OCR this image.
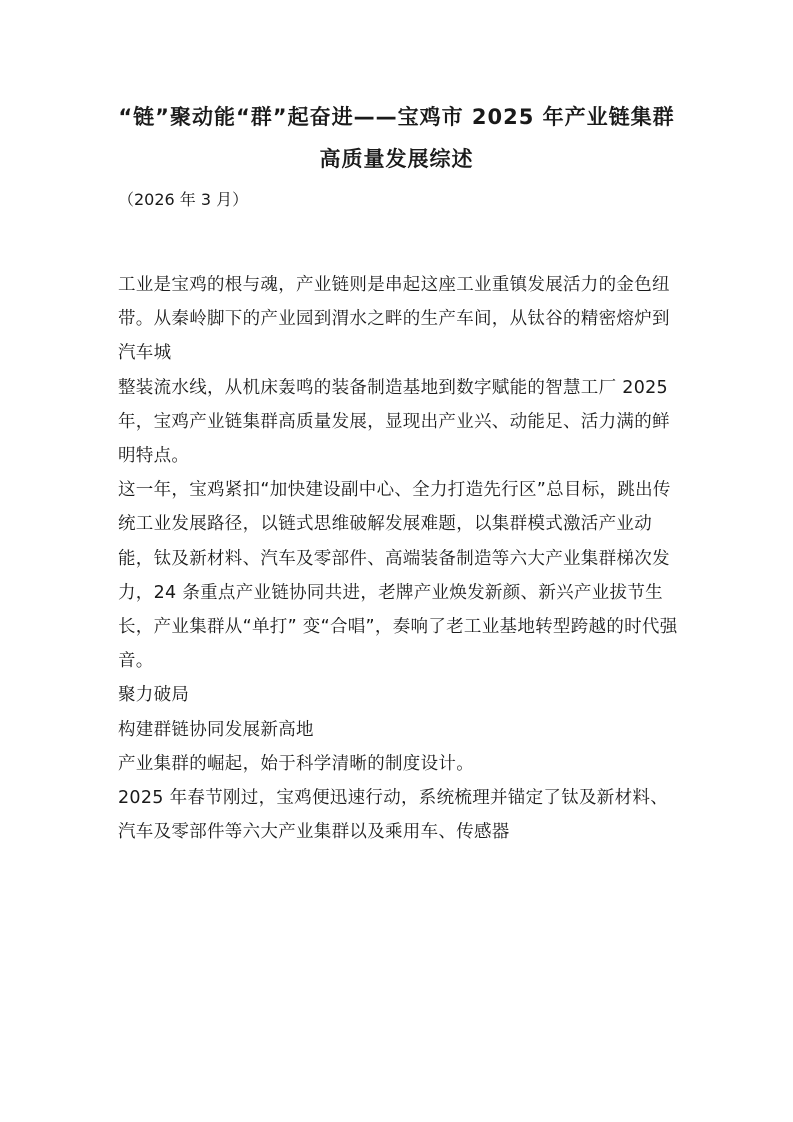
“链”聚动能“群”起奋进——宝鸡市 2025 年产业链集群高质量发展综述
（2026 年 3 月）

工业是宝鸡的根与魂，产业链则是串起这座工业重镇发展活力的金色纽带。从秦岭脚下的产业园到渭水之畔的生产车间，从钛谷的精密熔炉到汽车城

整装流水线，从机床轰鸣的装备制造基地到数字赋能的智慧工厂 2025 年，宝鸡产业链集群高质量发展，显现出产业兴、动能足、活力满的鲜明特点。

这一年，宝鸡紧扣“加快建设副中心、全力打造先行区”总目标，跳出传统工业发展路径，以链式思维破解发展难题，以集群模式激活产业动能，钛及新材料、汽车及零部件、高端装备制造等六大产业集群梯次发力，24 条重点产业链协同共进，老牌产业焕发新颜、新兴产业拔节生长，产业集群从“单打” 变“合唱”，奏响了老工业基地转型跨越的时代强音。

聚力破局

构建群链协同发展新高地

产业集群的崛起，始于科学清晰的制度设计。

2025 年春节刚过，宝鸡便迅速行动，系统梳理并锚定了钛及新材料、汽车及零部件等六大产业集群以及乘用车、传感器
